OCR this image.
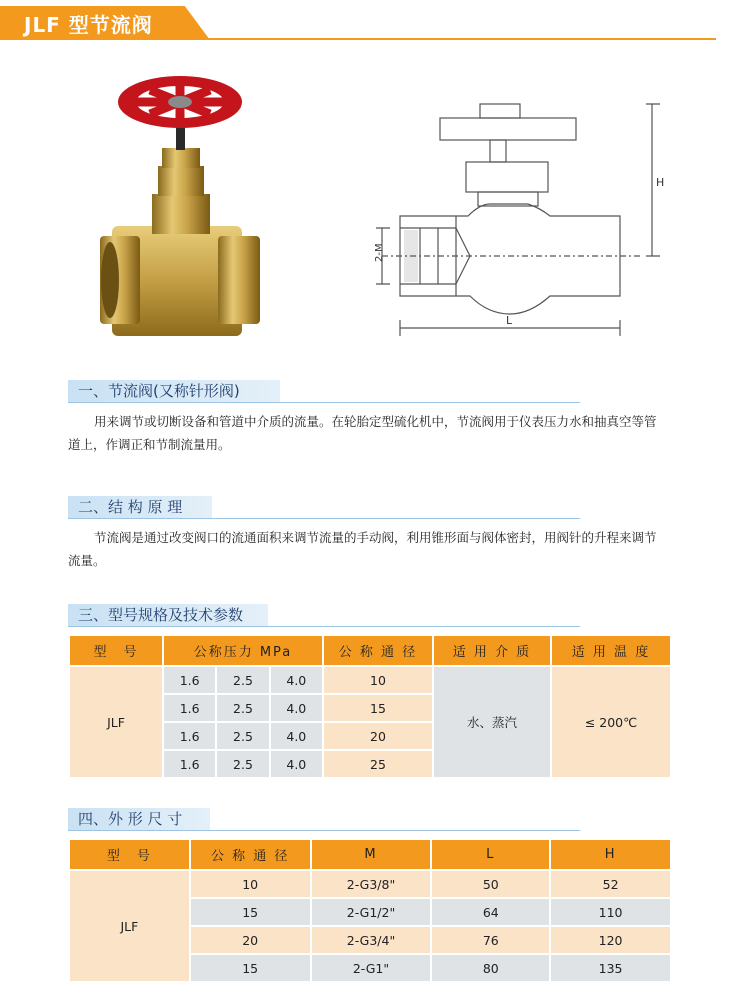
JLF 型节流阀
H
L
2-M
一、节流阀(又称针形阀)
用来调节或切断设备和管道中介质的流量。在轮胎定型硫化机中，节流阀用于仪表压力水和抽真空等管道上，作调正和节制流量用。
二、结 构 原 理
节流阀是通过改变阀口的流通面积来调节流量的手动阀，利用锥形面与阀体密封，用阀针的升程来调节流量。
三、型号规格及技术参数
型　号	公称压力 MPa			公 称 通 径	适 用 介 质	适 用 温 度
JLF	1.6	2.5	4.0	10	水、蒸汽	≤ 200℃
	1.6	2.5	4.0	15		
	1.6	2.5	4.0	20		
	1.6	2.5	4.0	25		
四、外 形 尺 寸
型　号	公 称 通 径	M	L	H
JLF	10	2-G3/8"	50	52
	15	2-G1/2"	64	110
	20	2-G3/4"	76	120
	15	2-G1"	80	135
